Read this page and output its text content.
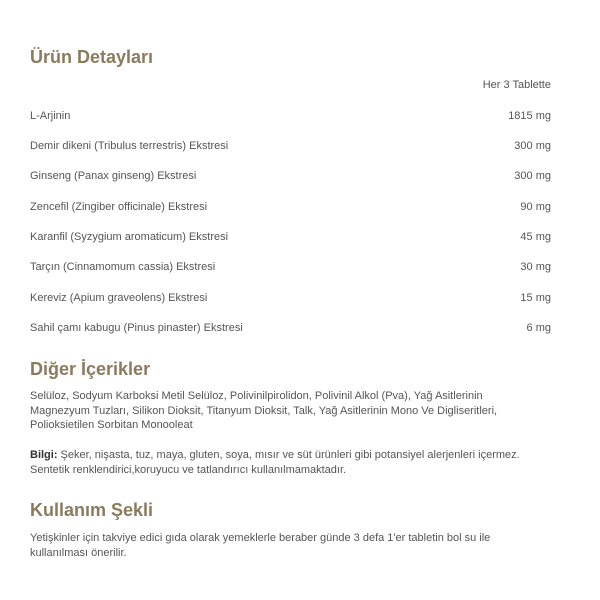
Ürün Detayları
Her 3 Tablette
L-Arjinin	1815 mg
Demir dikeni (Tribulus terrestris) Ekstresi	300 mg
Ginseng (Panax ginseng) Ekstresi	300 mg
Zencefil (Zingiber officinale) Ekstresi	90 mg
Karanfil (Syzygium aromaticum) Ekstresi	45 mg
Tarçın (Cinnamomum cassia) Ekstresi	30 mg
Kereviz (Apium graveolens) Ekstresi	15 mg
Sahil çamı kabugu (Pinus pinaster) Ekstresi	6 mg
Diğer İçerikler

Selüloz, Sodyum Karboksi Metil Selüloz, Polivinilpirolidon, Polivinil Alkol (Pva), Yağ Asitlerinin Magnezyum Tuzları, Silikon Dioksit, Titanyum Dioksit, Talk, Yağ Asitlerinin Mono Ve Digliseritleri, Polioksietilen Sorbitan Monooleat

Bilgi: Şeker, nişasta, tuz, maya, gluten, soya, mısır ve süt ürünleri gibi potansiyel alerjenleri içermez. Sentetik renklendirici,koruyucu ve tatlandırıcı kullanılmamaktadır.

Kullanım Şekli

Yetişkinler için takviye edici gıda olarak yemeklerle beraber günde 3 defa 1'er tabletin bol su ile kullanılması önerilir.
